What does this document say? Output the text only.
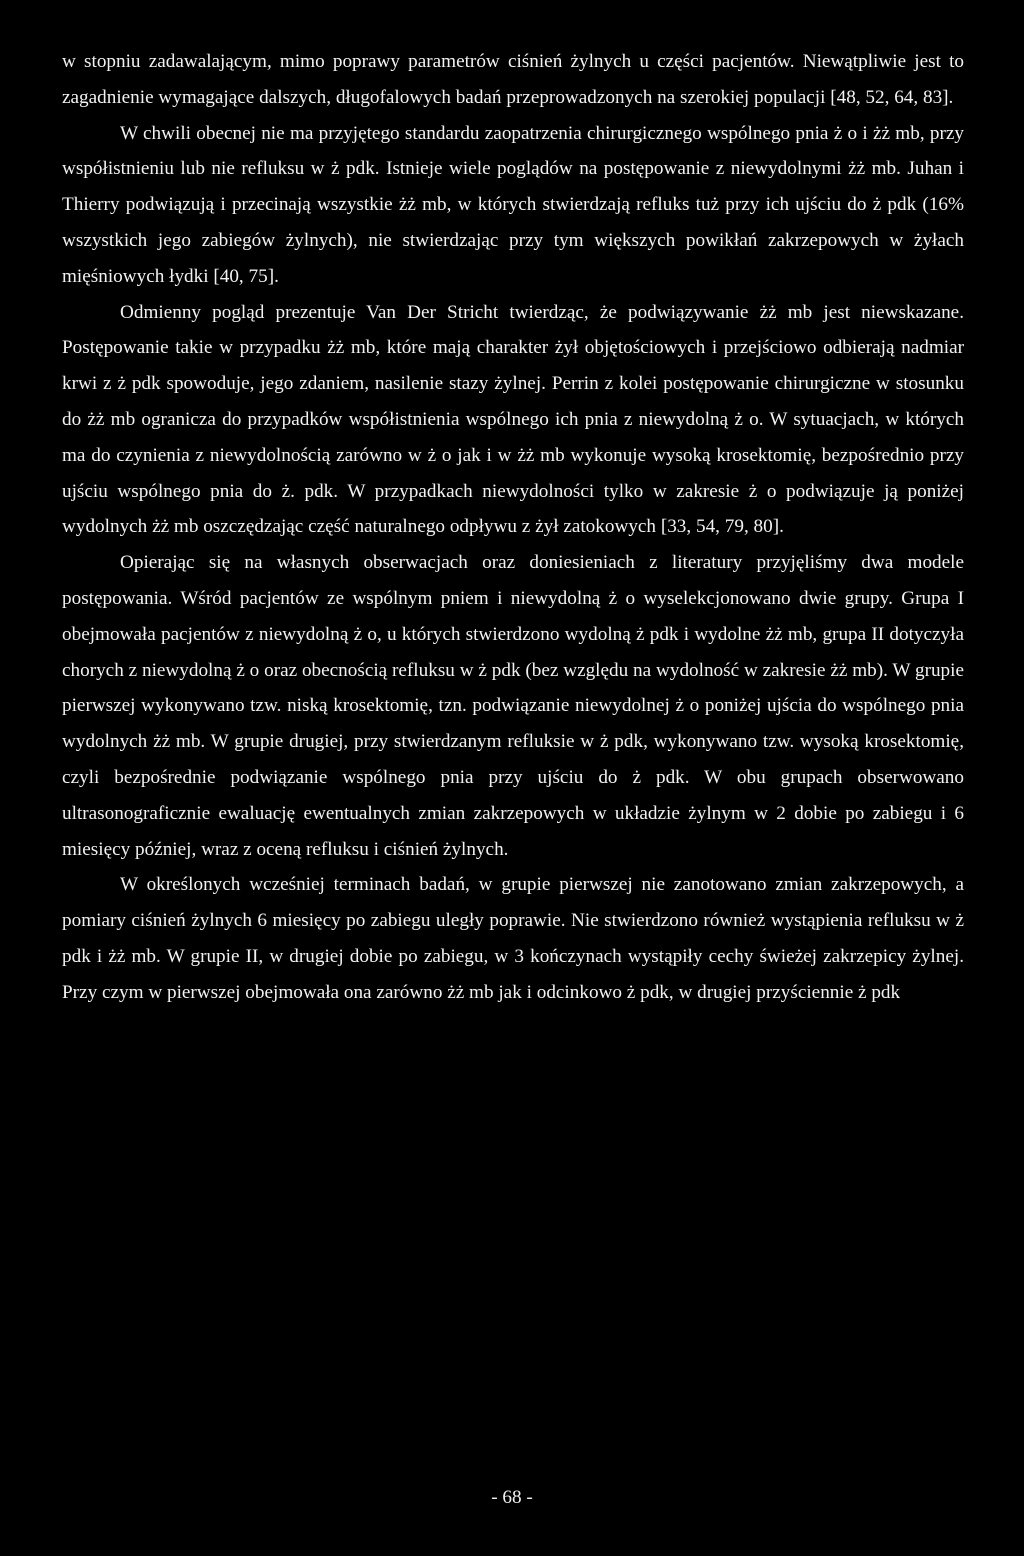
w stopniu zadawalającym, mimo poprawy parametrów ciśnień żylnych u części pacjentów. Niewątpliwie jest to zagadnienie wymagające dalszych, długofalowych badań przeprowadzonych na szerokiej populacji [48, 52, 64, 83].

W chwili obecnej nie ma przyjętego standardu zaopatrzenia chirurgicznego wspólnego pnia ż o i żż mb, przy współistnieniu lub nie refluksu w ż pdk. Istnieje wiele poglądów na postępowanie z niewydolnymi żż mb. Juhan i Thierry podwiązują i przecinają wszystkie żż mb, w których stwierdzają refluks tuż przy ich ujściu do ż pdk (16% wszystkich jego zabiegów żylnych), nie stwierdzając przy tym większych powikłań zakrzepowych w żyłach mięśniowych łydki [40, 75].

Odmienny pogląd prezentuje Van Der Stricht twierdząc, że podwiązywanie żż mb jest niewskazane. Postępowanie takie w przypadku żż mb, które mają charakter żył objętościowych i przejściowo odbierają nadmiar krwi z ż pdk spowoduje, jego zdaniem, nasilenie stazy żylnej. Perrin z kolei postępowanie chirurgiczne w stosunku do żż mb ogranicza do przypadków współistnienia wspólnego ich pnia z niewydolną ż o. W sytuacjach, w których ma do czynienia z niewydolnością zarówno w ż o jak i w żż mb wykonuje wysoką krosektomię, bezpośrednio przy ujściu wspólnego pnia do ż. pdk. W przypadkach niewydolności tylko w zakresie ż o podwiązuje ją poniżej wydolnych żż mb oszczędzając część naturalnego odpływu z żył zatokowych [33, 54, 79, 80].

Opierając się na własnych obserwacjach oraz doniesieniach z literatury przyjęliśmy dwa modele postępowania. Wśród pacjentów ze wspólnym pniem i niewydolną ż o wyselekcjonowano dwie grupy. Grupa I obejmowała pacjentów z niewydolną ż o, u których stwierdzono wydolną ż pdk i wydolne żż mb, grupa II dotyczyła chorych z niewydolną ż o oraz obecnością refluksu w ż pdk (bez względu na wydolność w zakresie żż mb). W grupie pierwszej wykonywano tzw. niską krosektomię, tzn. podwiązanie niewydolnej ż o poniżej ujścia do wspólnego pnia wydolnych żż mb. W grupie drugiej, przy stwierdzanym refluksie w ż pdk, wykonywano tzw. wysoką krosektomię, czyli bezpośrednie podwiązanie wspólnego pnia przy ujściu do ż pdk. W obu grupach obserwowano ultrasonograficznie ewaluację ewentualnych zmian zakrzepowych w układzie żylnym w 2 dobie po zabiegu i 6 miesięcy później, wraz z oceną refluksu i ciśnień żylnych.

W określonych wcześniej terminach badań, w grupie pierwszej nie zanotowano zmian zakrzepowych, a pomiary ciśnień żylnych 6 miesięcy po zabiegu uległy poprawie. Nie stwierdzono również wystąpienia refluksu w ż pdk i żż mb. W grupie II, w drugiej dobie po zabiegu, w 3 kończynach wystąpiły cechy świeżej zakrzepicy żylnej. Przy czym w pierwszej obejmowała ona zarówno żż mb jak i odcinkowo ż pdk, w drugiej przyściennie ż pdk

- 68 -
